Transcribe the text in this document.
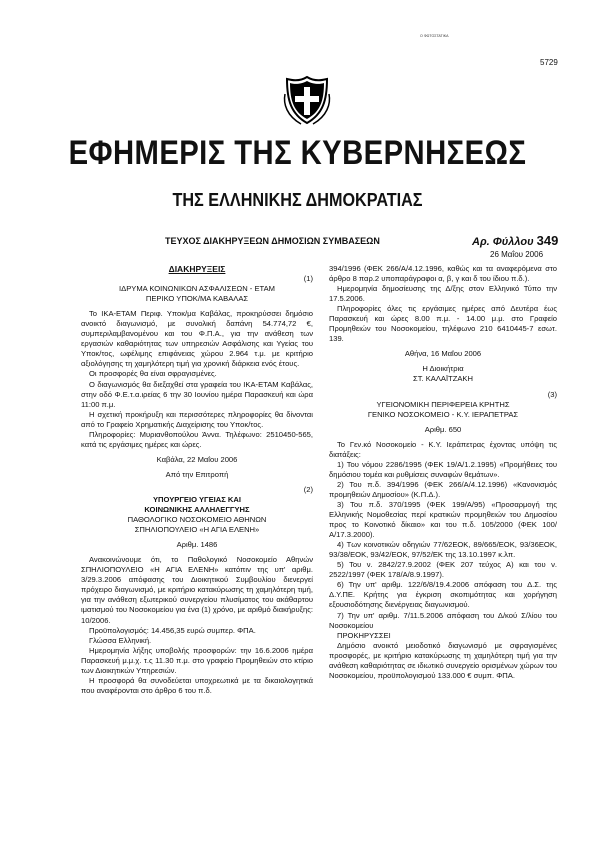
Ο ΦΩΤΟΣΤΑΤΙΚΑ
5729
ΕΦΗΜΕΡΙΣ ΤΗΣ ΚΥΒΕΡΝΗΣΕΩΣ
ΤΗΣ ΕΛΛΗΝΙΚΗΣ ΔΗΜΟΚΡΑΤΙΑΣ
ΤΕΥΧΟΣ ΔΙΑΚΗΡΥΞΕΩΝ ΔΗΜΟΣΙΩΝ ΣΥΜΒΑΣΕΩΝ	Αρ. Φύλλου 349
26 Μαΐου 2006

ΔΙΑΚΗΡΥΞΕΙΣ

(1)

ΙΔΡΥΜΑ ΚΟΙΝΩΝΙΚΩΝ ΑΣΦΑΛΙΣΕΩΝ - ΕΤΑΜ

ΠΕΡΙΚΟ ΥΠΟΚ/ΜΑ ΚΑΒΑΛΑΣ

Το ΙΚΑ-ΕΤΑΜ Περιφ. Υποκ/μα Καβάλας, προκηρύσσει δημόσιο ανοικτό διαγωνισμό, με συνολική δαπάνη 54.774,72 €, συμπεριλαμβανομένου και του Φ.Π.Α., για την ανάθεση των εργασιών καθαριότητας των υπηρεσιών Ασφάλισης και Υγείας του Υποκ/τος, ωφέλιμης επιφάνειας χώρου 2.964 τ.μ. με κριτήριο αξιολόγησης τη χαμηλότερη τιμή για χρονική διάρκεια ενός έτους.

Οι προσφορές θα είναι σφραγισμένες.

Ο διαγωνισμός θα διεξαχθεί στα γραφεία του ΙΚΑ-ΕΤΑΜ Καβάλας, στην οδό Φ.Ε.τ.α.ιρείας 6 την 30 Ιουνίου ημέρα Παρασκευή και ώρα 11:00 π.μ.

Η σχετική προκήρυξη και περισσότερες πληροφορίες θα δίνονται από το Γραφείο Χρηματικής Διαχείρισης του Υποκ/τος.

Πληροφορίες: Μυριανθοπούλου Άννα. Τηλέφωνο: 2510450-565, κατά τις εργάσιμες ημέρες και ώρες.

Καβάλα, 22 Μαΐου 2006

Από την Επιτροπή

(2)

ΥΠΟΥΡΓΕΙΟ ΥΓΕΙΑΣ ΚΑΙ

ΚΟΙΝΩΝΙΚΗΣ ΑΛΛΗΛΕΓΓΥΗΣ

ΠΑΘΟΛΟΓΙΚΟ ΝΟΣΟΚΟΜΕΙΟ ΑΘΗΝΩΝ

ΣΠΗΛΙΟΠΟΥΛΕΙΟ «Η ΑΓΙΑ ΕΛΕΝΗ»

Αριθμ. 1486

Ανακοινώνουμε ότι, το Παθολογικό Νοσοκομείο Αθηνών ΣΠΗΛΙΟΠΟΥΛΕΙΟ «Η ΑΓΙΑ ΕΛΕΝΗ» κατόπιν της υπ' αριθμ. 3/29.3.2006 απόφασης του Διοικητικού Συμβουλίου διενεργεί πρόχειρο διαγωνισμό, με κριτήριο κατακύρωσης τη χαμηλότερη τιμή, για την ανάθεση εξωτερικού συνεργείου πλυσίματος του ακάθαρτου ιματισμού του Νοσοκομείου για ένα (1) χρόνο, με αριθμό διακήρυξης: 10/2006.

Προϋπολογισμός: 14.456,35 ευρώ συμπερ. ΦΠΑ.

Γλώσσα Ελληνική.

Ημερομηνία λήξης υποβολής προσφορών: την 16.6.2006 ημέρα Παρασκευή μ.μ.χ. τ.ς 11.30 π.μ. στο γραφείο Προμηθειών στο κτίριο των Διοικητικών Υπηρεσιών.

Η προσφορά θα συνοδεύεται υποχρεωτικά με τα δικαιολογητικά που αναφέρονται στο άρθρο 6 του π.δ.

394/1996 (ΦΕΚ 266/Α/4.12.1996, καθώς και τα αναφερόμενα στο άρθρο 8 παρ.2 υποπαράγραφοι α, β, γ και δ του ίδιου π.δ.).

Ημερομηνία δημοσίευσης της Δ/ξης στον Ελληνικό Τύπο την 17.5.2006.

Πληροφορίες όλες τις εργάσιμες ημέρες από Δευτέρα έως Παρασκευή και ώρες 8.00 π.μ. - 14.00 μ.μ. στο Γραφείο Προμηθειών του Νοσοκομείου, τηλέφωνο 210 6410445-7 εσωτ. 139.

Αθήνα, 16 Μαΐου 2006

Η Διοικήτρια

ΣΤ. ΚΑΛΑΪΤΖΑΚΗ

(3)

ΥΓΕΙΟΝΟΜΙΚΗ ΠΕΡΙΦΕΡΕΙΑ ΚΡΗΤΗΣ

ΓΕΝΙΚΟ ΝΟΣΟΚΟΜΕΙΟ - Κ.Υ. ΙΕΡΑΠΕΤΡΑΣ

Αριθμ. 650

Το Γεν.κό Νοσοκομείο - Κ.Υ. Ιεράπετρας έχοντας υπόψη τις διατάξεις:

1) Του νόμου 2286/1995 (ΦΕΚ 19/Α/1.2.1995) «Προμήθειες του δημόσιου τομέα και ρυθμίσεις συναφών θεμάτων».

2) Του π.δ. 394/1996 (ΦΕΚ 266/Α/4.12.1996) «Κανονισμός προμηθειών Δημοσίου» (Κ.Π.Δ.).

3) Του π.δ. 370/1995 (ΦΕΚ 199/Α/95) «Προσαρμογή της Ελληνικής Νομοθεσίας περί κρατικών προμηθειών του Δημοσίου προς το Κοινοτικό δίκαιο» και του π.δ. 105/2000 (ΦΕΚ 100/Α/17.3.2000).

4) Των κοινοτικών οδηγιών 77/62ΕΟΚ, 89/665/ΕΟΚ, 93/36ΕΟΚ, 93/38/ΕΟΚ, 93/42/ΕΟΚ, 97/52/ΕΚ της 13.10.1997 κ.λπ.

5) Του ν. 2842/27.9.2002 (ΦΕΚ 207 τεύχος Α) και του ν. 2522/1997 (ΦΕΚ 178/Α/8.9.1997).

6) Την υπ' αριθμ. 122/6/8/19.4.2006 απόφαση του Δ.Σ. της Δ.Υ.ΠΕ. Κρήτης για έγκριση σκοπιμότητας και χορήγηση εξουσιοδότησης διενέργειας διαγωνισμού.

7) Την υπ' αριθμ. 7/11.5.2006 απόφαση του Δ/κού Σ/λίου του Νοσοκομείου

ΠΡΟΚΗΡΥΣΣΕΙ

Δημόσιο ανοικτό μειοδοτικό διαγωνισμό με σφραγισμένες προσφορές, με κριτήριο κατακύρωσης τη χαμηλότερη τιμή για την ανάθεση καθαριότητας σε ιδιωτικό συνεργείο ορισμένων χώρων του Νοσοκομείου, προϋπολογισμού 133.000 € συμπ. ΦΠΑ.
